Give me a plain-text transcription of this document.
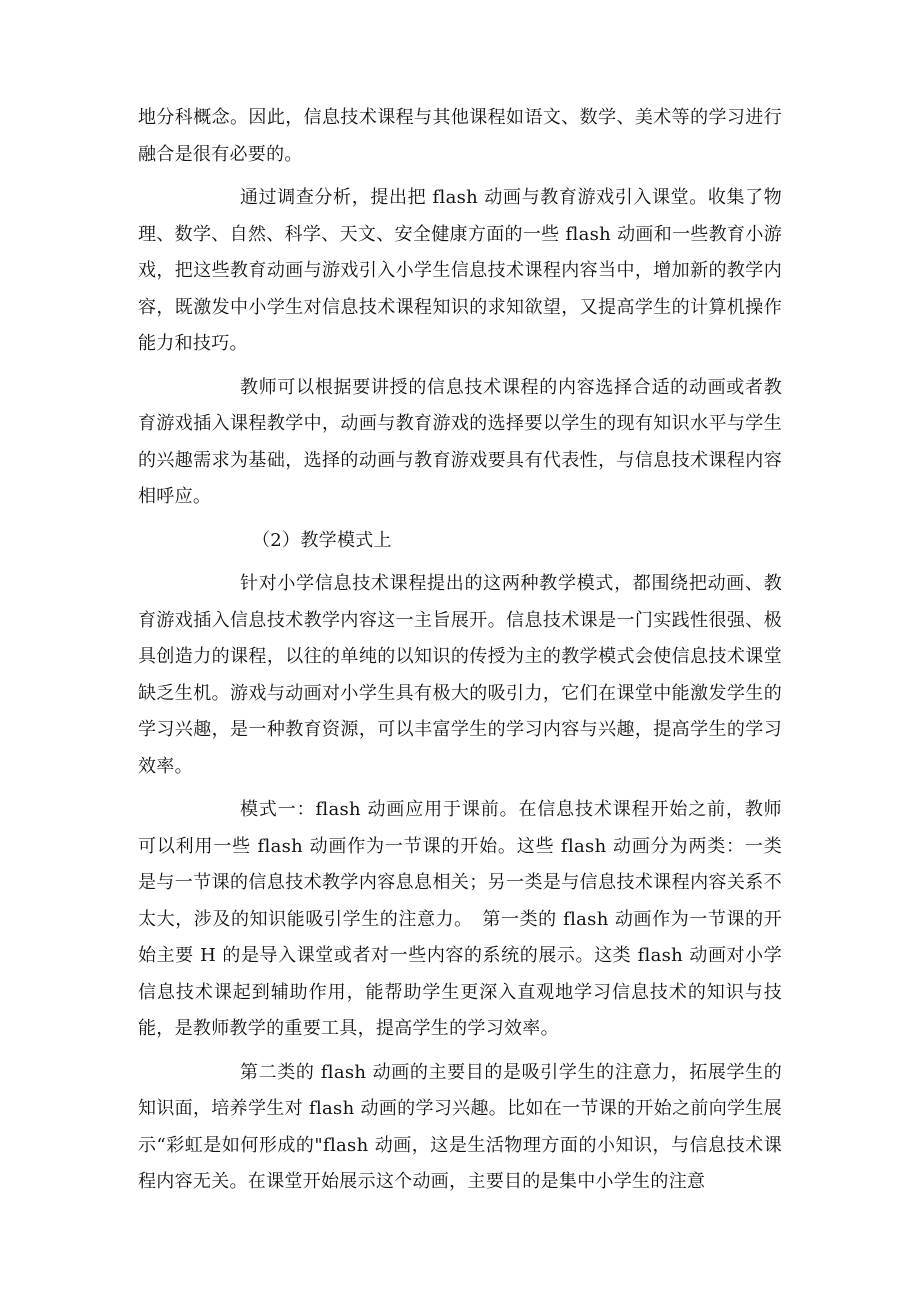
地分科概念。因此，信息技术课程与其他课程如语文、数学、美术等的学习进行融合是很有必要的。

通过调查分析，提出把 flash 动画与教育游戏引入课堂。收集了物理、数学、自然、科学、天文、安全健康方面的一些 flash 动画和一些教育小游戏，把这些教育动画与游戏引入小学生信息技术课程内容当中，增加新的教学内容，既激发中小学生对信息技术课程知识的求知欲望，又提高学生的计算机操作能力和技巧。

教师可以根据要讲授的信息技术课程的内容选择合适的动画或者教育游戏插入课程教学中，动画与教育游戏的选择要以学生的现有知识水平与学生的兴趣需求为基础，选择的动画与教育游戏要具有代表性，与信息技术课程内容相呼应。

（2）教学模式上

针对小学信息技术课程提出的这两种教学模式，都围绕把动画、教育游戏插入信息技术教学内容这一主旨展开。信息技术课是一门实践性很强、极具创造力的课程，以往的单纯的以知识的传授为主的教学模式会使信息技术课堂缺乏生机。游戏与动画对小学生具有极大的吸引力，它们在课堂中能激发学生的学习兴趣，是一种教育资源，可以丰富学生的学习内容与兴趣，提高学生的学习效率。

模式一：flash 动画应用于课前。在信息技术课程开始之前，教师可以利用一些 flash 动画作为一节课的开始。这些 flash 动画分为两类：一类是与一节课的信息技术教学内容息息相关；另一类是与信息技术课程内容关系不太大，涉及的知识能吸引学生的注意力。　第一类的 flash 动画作为一节课的开始主要 H 的是导入课堂或者对一些内容的系统的展示。这类 flash 动画对小学信息技术课起到辅助作用，能帮助学生更深入直观地学习信息技术的知识与技能，是教师教学的重要工具，提高学生的学习效率。

第二类的 flash 动画的主要目的是吸引学生的注意力，拓展学生的知识面，培养学生对 flash 动画的学习兴趣。比如在一节课的开始之前向学生展示“彩虹是如何形成的"flash 动画，这是生活物理方面的小知识，与信息技术课程内容无关。在课堂开始展示这个动画，主要目的是集中小学生的注意
